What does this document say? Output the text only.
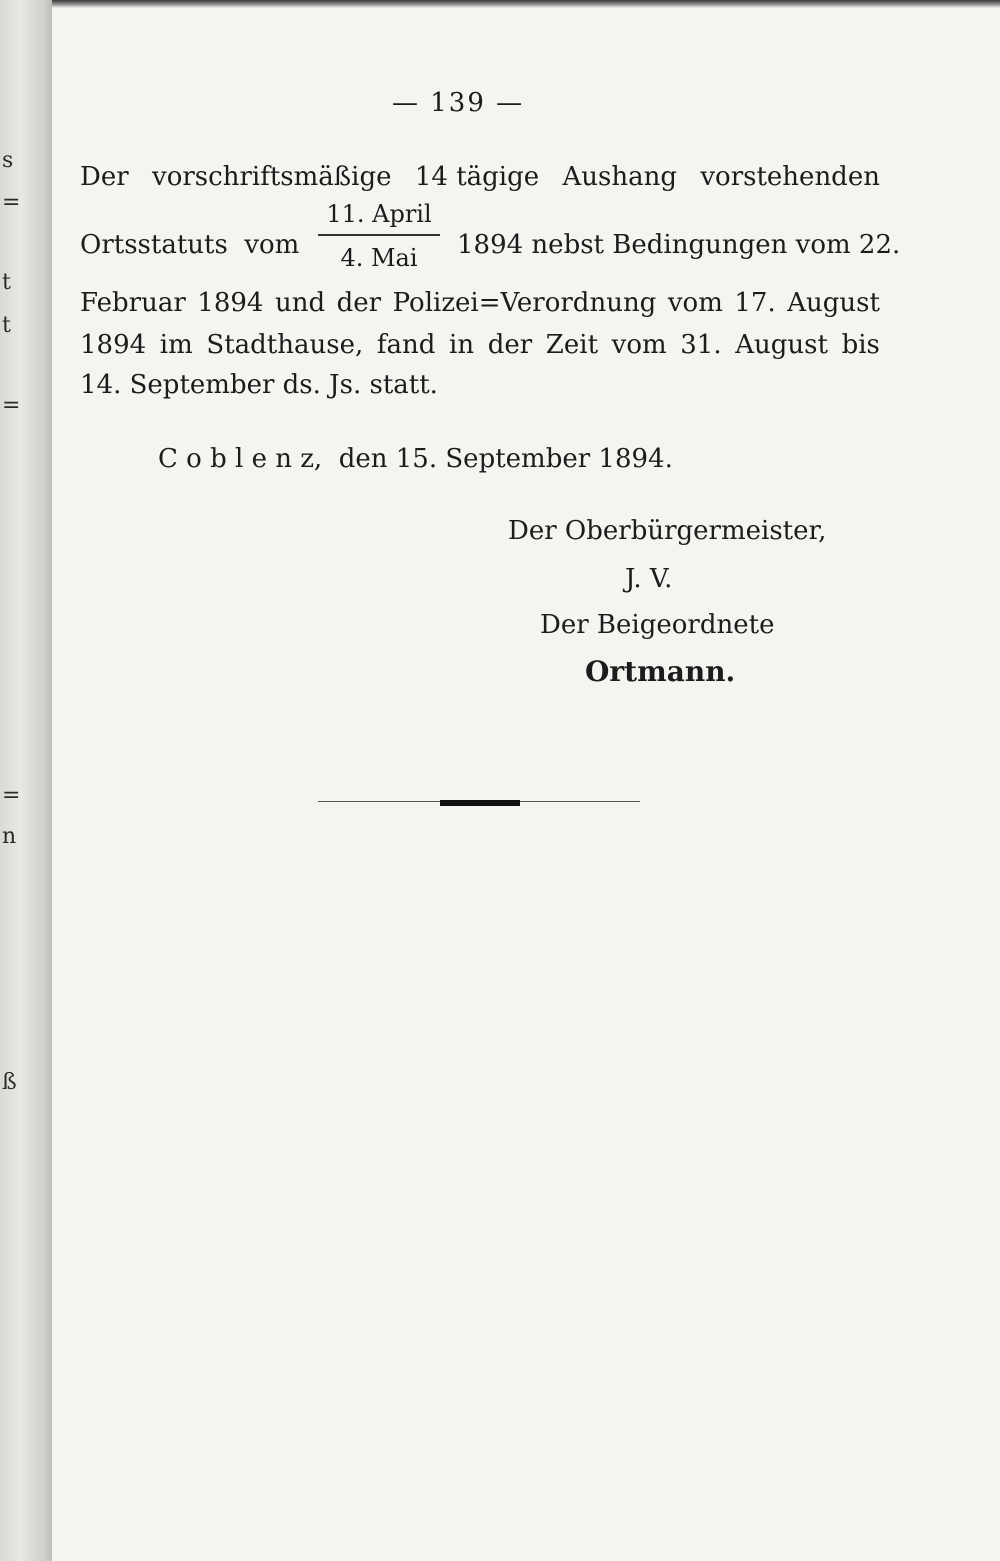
s
=
t
t
=
=
n
ß
— 139 —
Der vorschriftsmäßige 14 tägige Aushang vorstehenden
Ortsstatuts  vom
11. April
4. Mai	1894 nebst Bedingungen vom 22.
Februar 1894 und der Polizei=Verordnung vom 17. August
1894 im Stadthause, fand in der Zeit vom 31. August bis
14. September ds. Js. statt.
C o b l e n z,  den 15. September 1894.
Der Oberbürgermeister,
J. V.
Der Beigeordnete
Ortmann.
